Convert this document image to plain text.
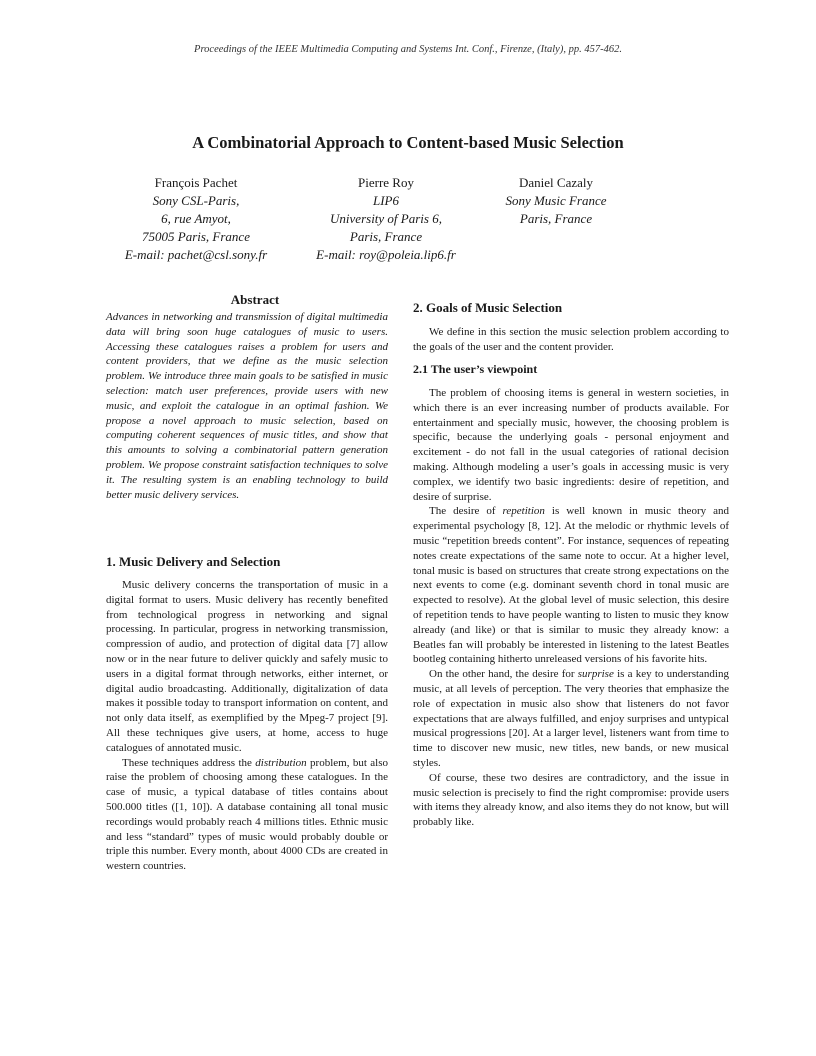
Proceedings of the IEEE Multimedia Computing and Systems Int. Conf., Firenze, (Italy), pp. 457-462.
A Combinatorial Approach to Content-based Music Selection
François Pachet
Sony CSL-Paris,
6, rue Amyot,
75005 Paris, France
E-mail: pachet@csl.sony.fr
Pierre Roy
LIP6
University of Paris 6,
Paris, France
E-mail: roy@poleia.lip6.fr
Daniel Cazaly
Sony Music France
Paris, France
Abstract

Advances in networking and transmission of digital multimedia data will bring soon huge catalogues of music to users. Accessing these catalogues raises a problem for users and content providers, that we define as the music selection problem. We introduce three main goals to be satisfied in music selection: match user preferences, provide users with new music, and exploit the catalogue in an optimal fashion. We propose a novel approach to music selection, based on computing coherent sequences of music titles, and show that this amounts to solving a combinatorial pattern generation problem. We propose constraint satisfaction techniques to solve it. The resulting system is an enabling technology to build better music delivery services.

1. Music Delivery and Selection

Music delivery concerns the transportation of music in a digital format to users. Music delivery has recently benefited from technological progress in networking and signal processing. In particular, progress in networking transmission, compression of audio, and protection of digital data [7] allow now or in the near future to deliver quickly and safely music to users in a digital format through networks, either internet, or digital audio broadcasting. Additionally, digitalization of data makes it possible today to transport information on content, and not only data itself, as exemplified by the Mpeg-7 project [9]. All these techniques give users, at home, access to huge catalogues of annotated music.

These techniques address the distribution problem, but also raise the problem of choosing among these catalogues. In the case of music, a typical database of titles contains about 500.000 titles ([1, 10]). A database containing all tonal music recordings would probably reach 4 millions titles. Ethnic music and less “standard” types of music would probably double or triple this number. Every month, about 4000 CDs are created in western countries.

2. Goals of Music Selection

We define in this section the music selection problem according to the goals of the user and the content provider.

2.1 The user’s viewpoint

The problem of choosing items is general in western societies, in which there is an ever increasing number of products available. For entertainment and specially music, however, the choosing problem is specific, because the underlying goals - personal enjoyment and excitement - do not fall in the usual categories of rational decision making. Although modeling a user’s goals in accessing music is very complex, we identify two basic ingredients: desire of repetition, and desire of surprise.

The desire of repetition is well known in music theory and experimental psychology [8, 12]. At the melodic or rhythmic levels of music “repetition breeds content”. For instance, sequences of repeating notes create expectations of the same note to occur. At a higher level, tonal music is based on structures that create strong expectations on the next events to come (e.g. dominant seventh chord in tonal music are expected to resolve). At the global level of music selection, this desire of repetition tends to have people wanting to listen to music they know already (and like) or that is similar to music they already know: a Beatles fan will probably be interested in listening to the latest Beatles bootleg containing hitherto unreleased versions of his favorite hits.

On the other hand, the desire for surprise is a key to understanding music, at all levels of perception. The very theories that emphasize the role of expectation in music also show that listeners do not favor expectations that are always fulfilled, and enjoy surprises and untypical musical progressions [20]. At a larger level, listeners want from time to time to discover new music, new titles, new bands, or new musical styles.

Of course, these two desires are contradictory, and the issue in music selection is precisely to find the right compromise: provide users with items they already know, and also items they do not know, but will probably like.
